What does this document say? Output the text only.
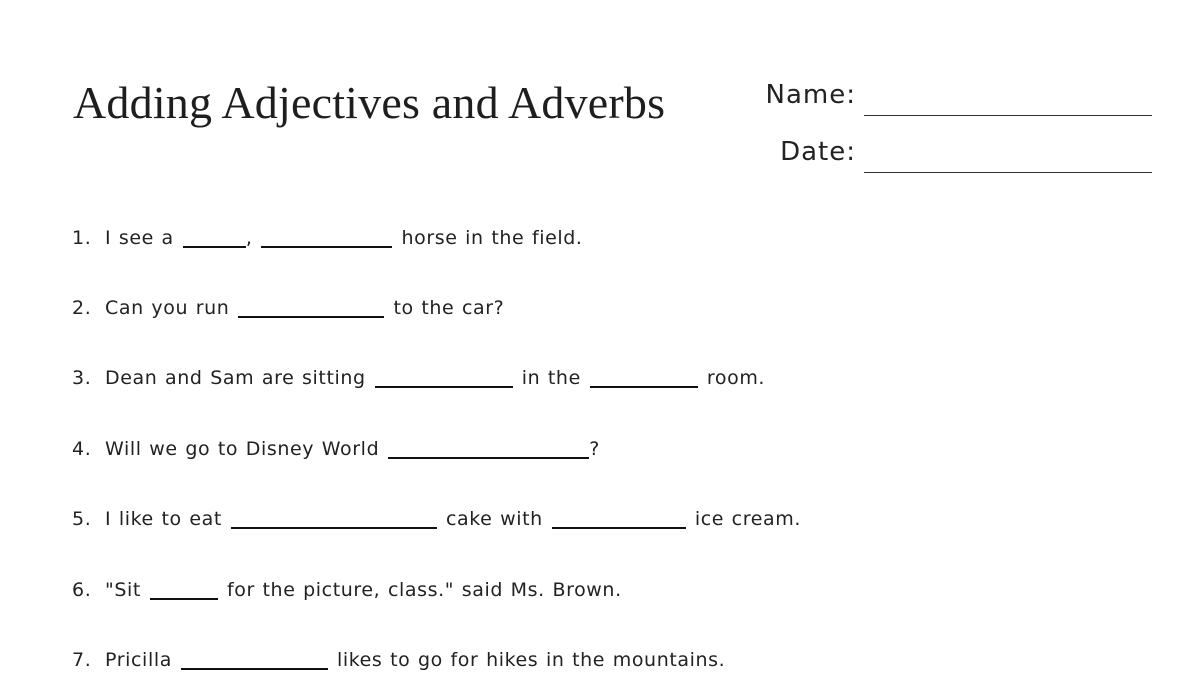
Adding Adjectives and Adverbs	Name:
Date:
1. I see a	,	horse in the field.
2. Can you run	to the car?
3. Dean and Sam are sitting	in the	room.
4. Will we go to Disney World	?
5. I like to eat	cake with	ice cream.
6. "Sit	for the picture, class." said Ms. Brown.
7. Pricilla	likes to go for hikes in the mountains.
